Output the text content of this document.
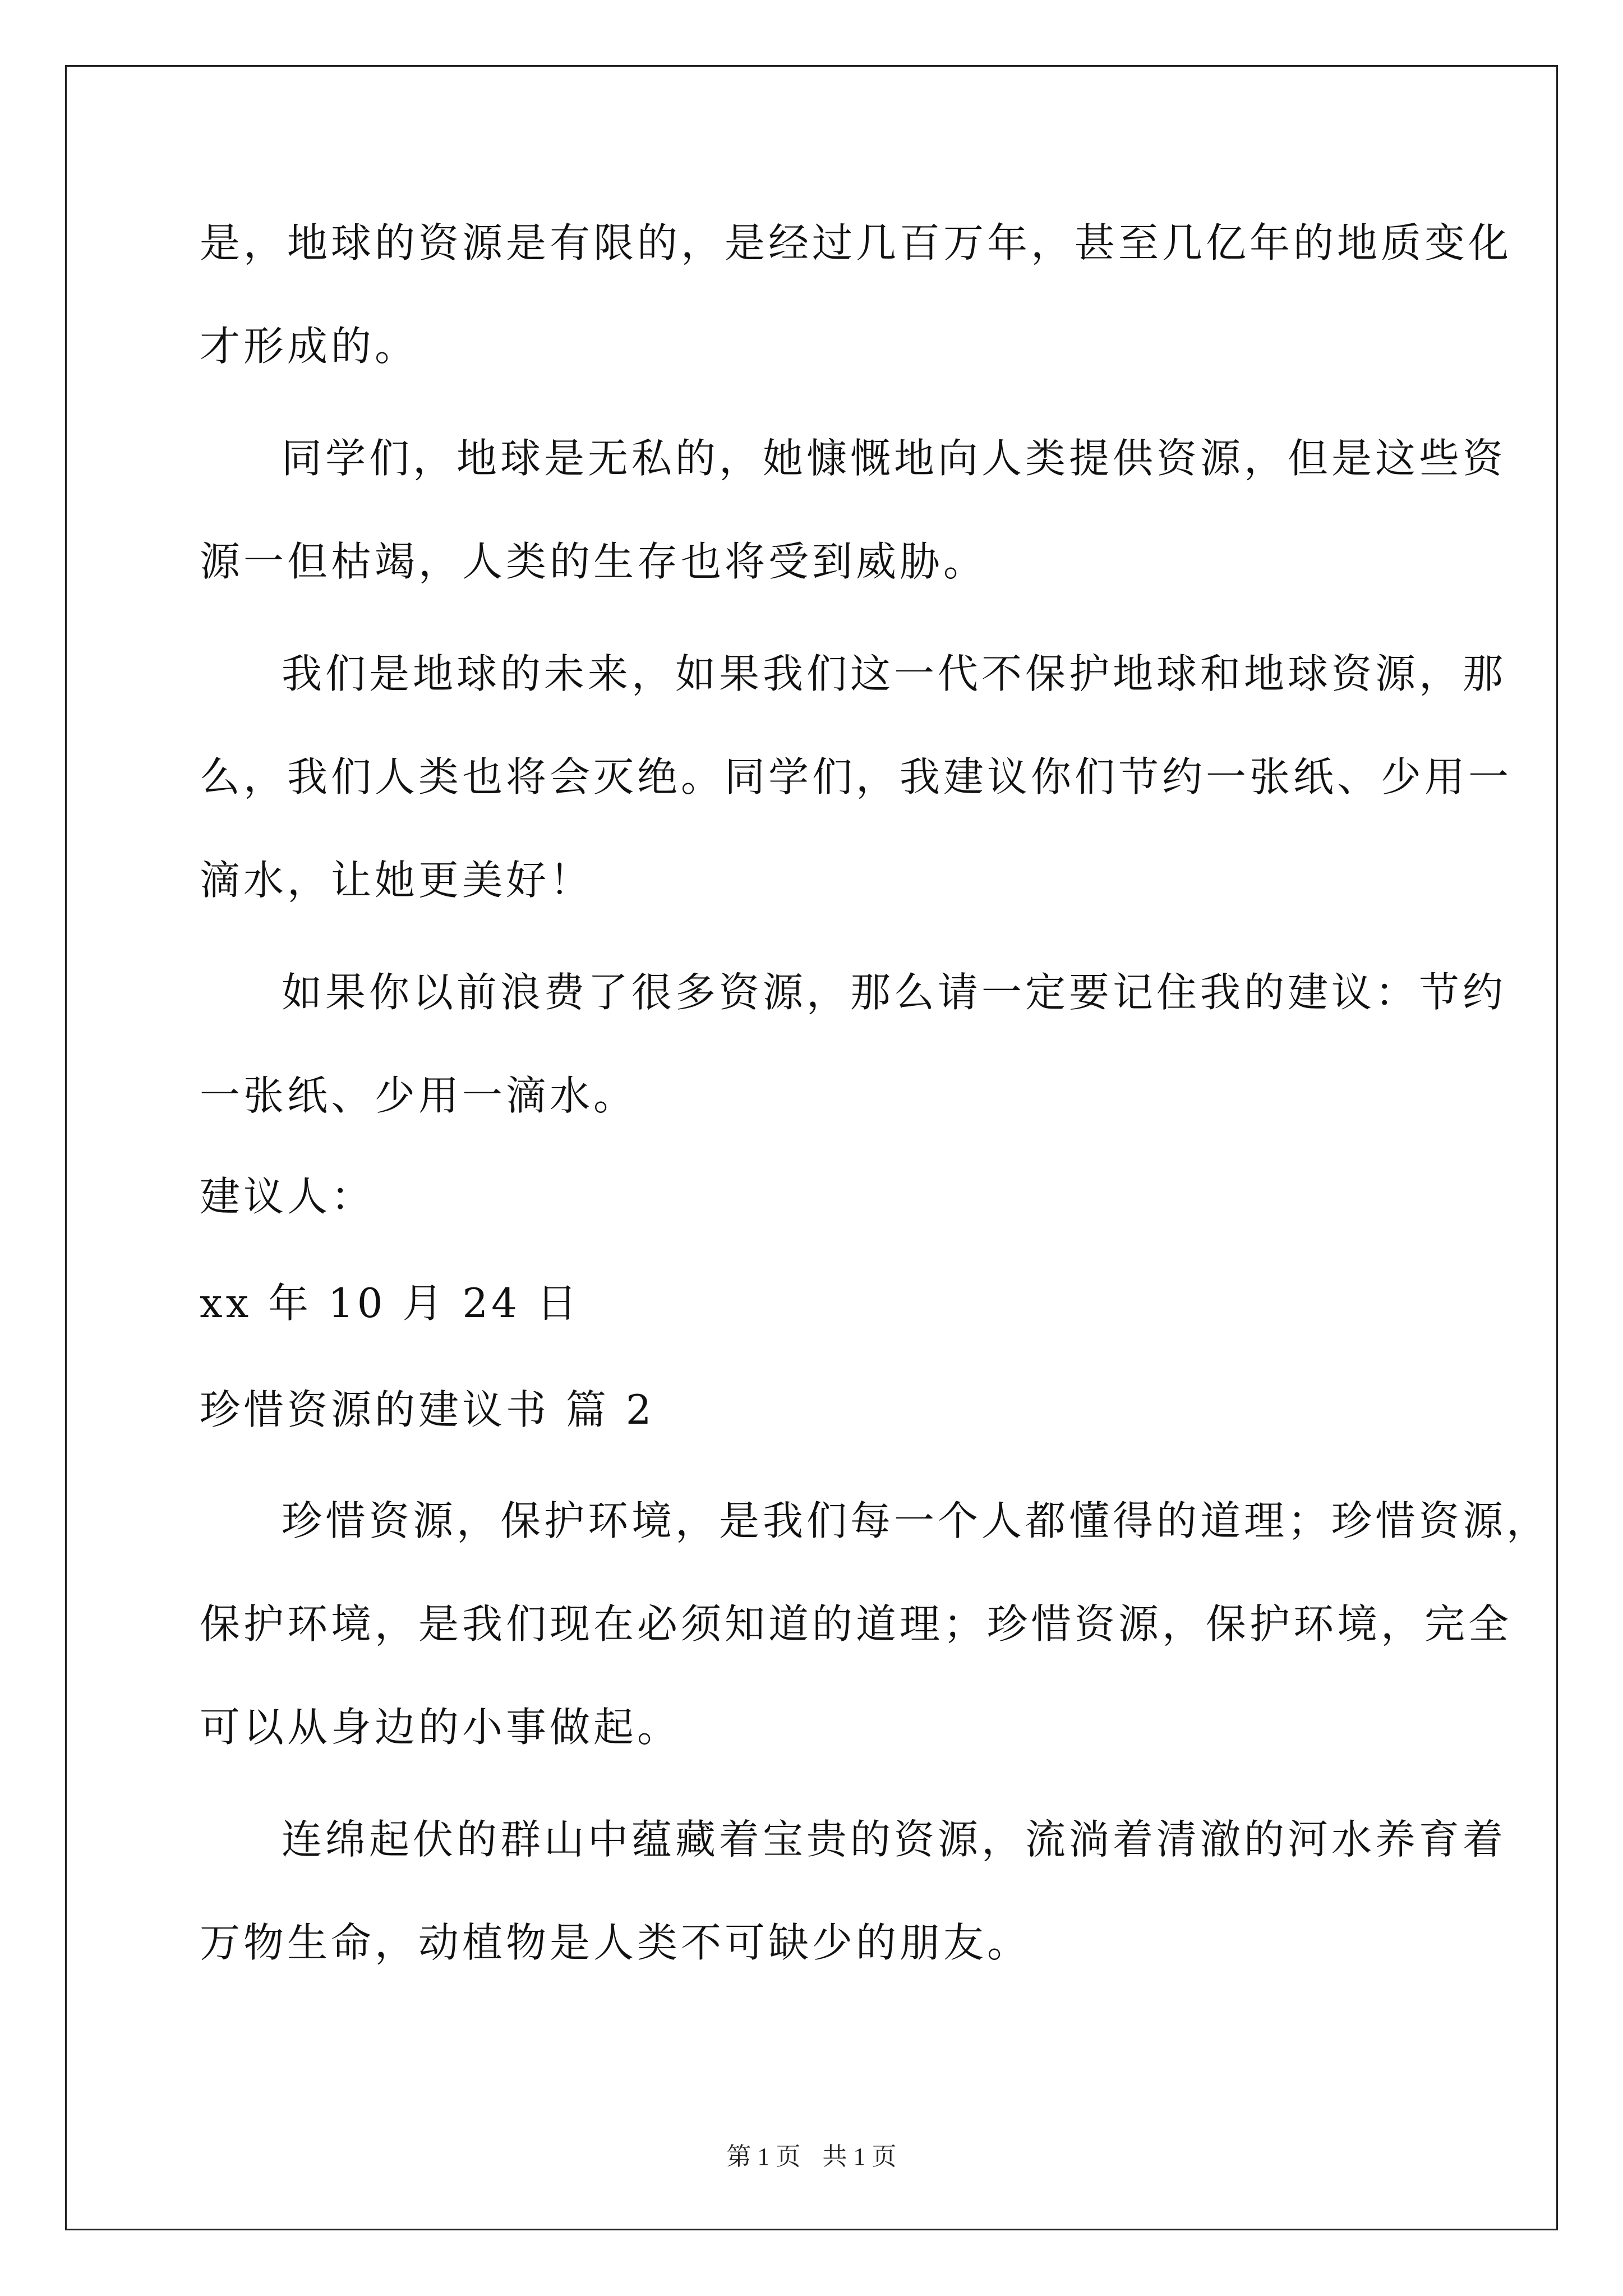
是，地球的资源是有限的，是经过几百万年，甚至几亿年的地质变化
才形成的。
同学们，地球是无私的，她慷慨地向人类提供资源，但是这些资
源一但枯竭，人类的生存也将受到威胁。
我们是地球的未来，如果我们这一代不保护地球和地球资源，那
么，我们人类也将会灭绝。同学们，我建议你们节约一张纸、少用一
滴水，让她更美好！
如果你以前浪费了很多资源，那么请一定要记住我的建议：节约
一张纸、少用一滴水。
建议人：
xx 年 10 月 24 日
珍惜资源的建议书 篇 2
珍惜资源，保护环境，是我们每一个人都懂得的道理；珍惜资源，
保护环境，是我们现在必须知道的道理；珍惜资源，保护环境，完全
可以从身边的小事做起。
连绵起伏的群山中蕴藏着宝贵的资源，流淌着清澈的河水养育着
万物生命，动植物是人类不可缺少的朋友。
第 1 页 共 1 页
